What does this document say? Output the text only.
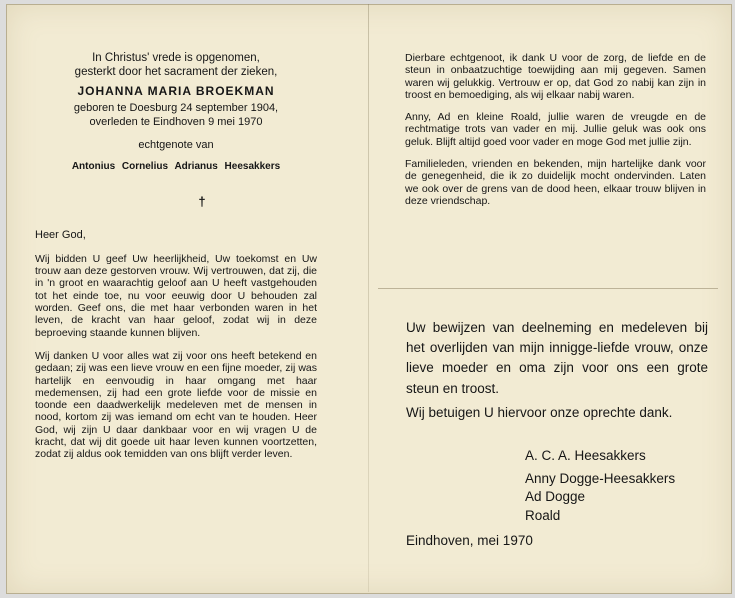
In Christus' vrede is opgenomen,
gesterkt door het sacrament der zieken,
JOHANNA MARIA BROEKMAN
geboren te Doesburg 24 september 1904,
overleden te Eindhoven 9 mei 1970
echtgenote van
Antonius Cornelius Adrianus Heesakkers
†
Heer God,

Wij bidden U geef Uw heerlijkheid, Uw toekomst en Uw trouw aan deze gestorven vrouw. Wij vertrouwen, dat zij, die in 'n groot en waarachtig geloof aan U heeft vastgehouden tot het einde toe, nu voor eeuwig door U behouden zal worden. Geef ons, die met haar verbonden waren in het leven, de kracht van haar geloof, zodat wij in deze beproeving staande kunnen blijven.

Wij danken U voor alles wat zij voor ons heeft betekend en gedaan; zij was een lieve vrouw en een fijne moeder, zij was hartelijk en eenvoudig in haar omgang met haar medemensen, zij had een grote liefde voor de missie en toonde een daadwerkelijk medeleven met de mensen in nood, kortom zij was iemand om echt van te houden. Heer God, wij zijn U daar dankbaar voor en wij vragen U de kracht, dat wij dit goede uit haar leven kunnen voortzetten, zodat zij aldus ook temidden van ons blijft verder leven.

Dierbare echtgenoot, ik dank U voor de zorg, de liefde en de steun in onbaatzuchtige toewijding aan mij gegeven. Samen waren wij gelukkig. Vertrouw er op, dat God zo nabij kan zijn in troost en bemoediging, als wij elkaar nabij waren.

Anny, Ad en kleine Roald, jullie waren de vreugde en de rechtmatige trots van vader en mij. Jullie geluk was ook ons geluk. Blijft altijd goed voor vader en moge God met jullie zijn.

Familieleden, vrienden en bekenden, mijn hartelijke dank voor de genegenheid, die ik zo duidelijk mocht ondervinden. Laten we ook over de grens van de dood heen, elkaar trouw blijven in deze vriendschap.

Uw bewijzen van deelneming en medeleven bij het overlijden van mijn innigge-liefde vrouw, onze lieve moeder en oma zijn voor ons een grote steun en troost.

Wij betuigen U hiervoor onze oprechte dank.

A. C. A. Heesakkers
Anny Dogge-Heesakkers
Ad Dogge
Roald
Eindhoven, mei 1970
